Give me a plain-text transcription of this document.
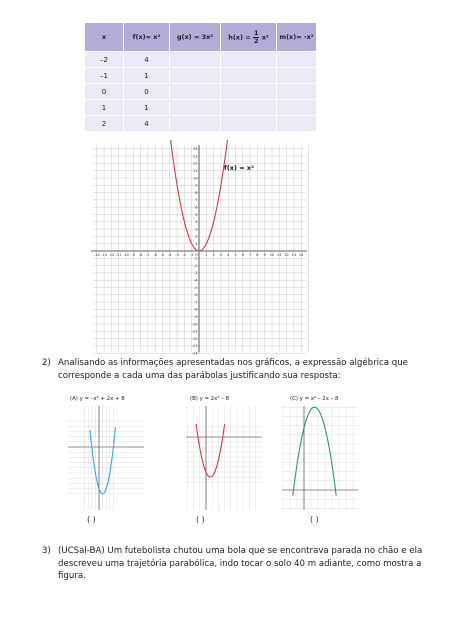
x	f(x)= x²	g(x) = 3x²	$h(x) = \frac{1}{2} x^2$	m(x)= -x²
–2	4			
–1	1			
0	0			
1	1			
2	4			
-14 -13 -12 -11 -10 -9 -8 -7 -6 -5 -4 -3 -2 -1 0 1 2 3 4 5 6 7 8 9 10 11 12 13 14
14
13
12
11
10
9
8
7
6
5
4
3
2
1
-1
-2
-3
-4
-5
-6
-7
-8
-9
-10
-11
-12
-13
-14
f(x) = x²
2) Analisando as informações apresentadas nos gráficos, a expressão algébrica que
corresponde a cada uma das parábolas justificando sua resposta:
(A) y = –x² + 2x + 8	(B) y = 2x² – 8	(C) y = x² – 2x – 8
( )	( )	( )
3) (UCSal-BA) Um futebolista chutou uma bola que se encontrava parada no chão e ela
descreveu uma trajetória parabólica, indo tocar o solo 40 m adiante, como mostra a
figura.
